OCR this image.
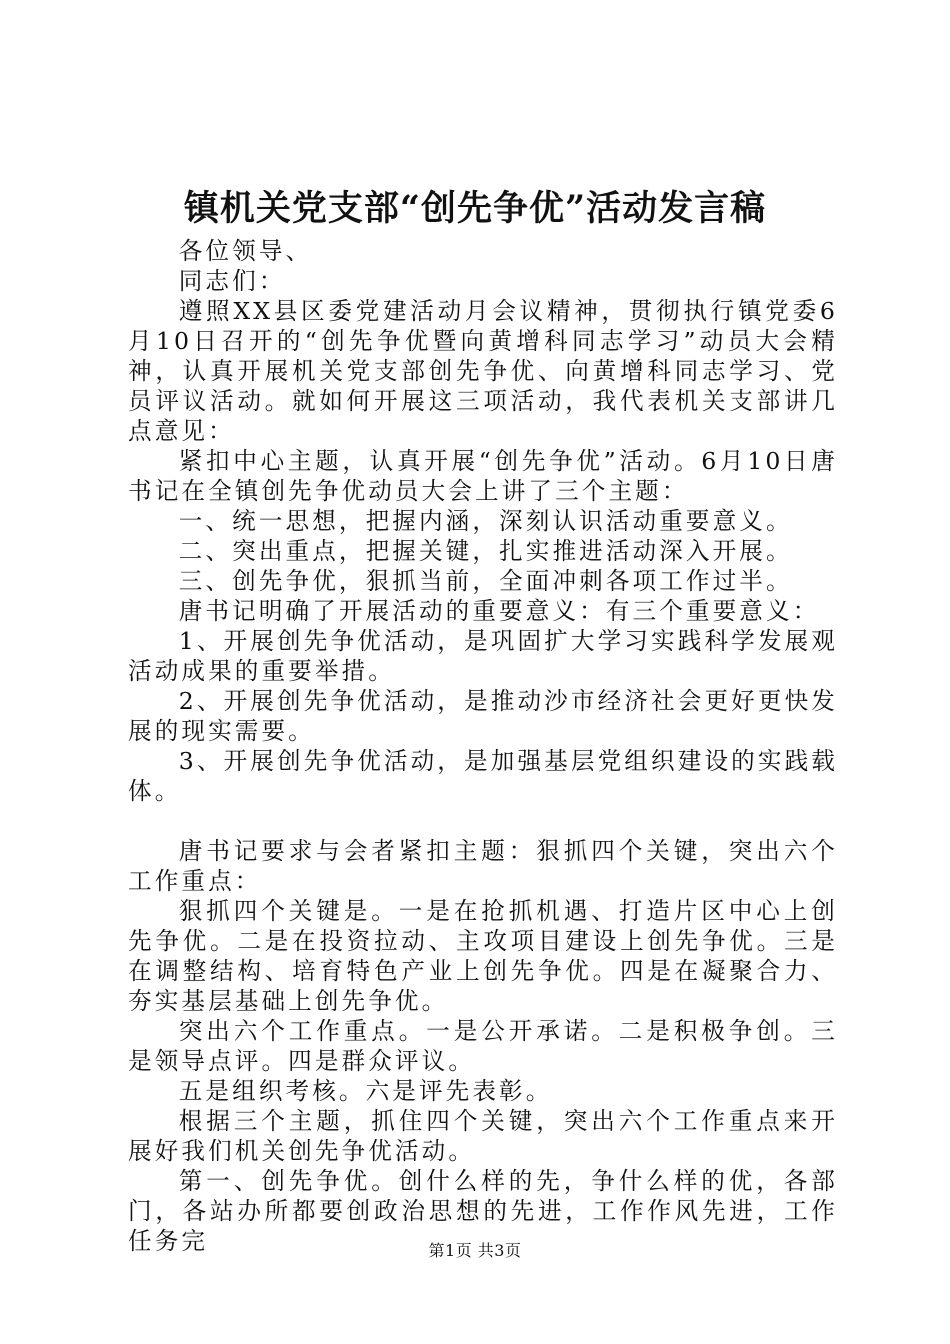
镇机关党支部“创先争优”活动发言稿

各位领导、

同志们：

遵照XX县区委党建活动月会议精神，贯彻执行镇党委6月10日召开的“创先争优暨向黄增科同志学习”动员大会精神，认真开展机关党支部创先争优、向黄增科同志学习、党员评议活动。就如何开展这三项活动，我代表机关支部讲几点意见：

紧扣中心主题，认真开展“创先争优”活动。6月10日唐书记在全镇创先争优动员大会上讲了三个主题：

一、统一思想，把握内涵，深刻认识活动重要意义。

二、突出重点，把握关键，扎实推进活动深入开展。

三、创先争优，狠抓当前，全面冲刺各项工作过半。

唐书记明确了开展活动的重要意义：有三个重要意义：

1、开展创先争优活动，是巩固扩大学习实践科学发展观活动成果的重要举措。

2、开展创先争优活动，是推动沙市经济社会更好更快发展的现实需要。

3、开展创先争优活动，是加强基层党组织建设的实践载体。

唐书记要求与会者紧扣主题：狠抓四个关键，突出六个工作重点：

狠抓四个关键是。一是在抢抓机遇、打造片区中心上创先争优。二是在投资拉动、主攻项目建设上创先争优。三是在调整结构、培育特色产业上创先争优。四是在凝聚合力、夯实基层基础上创先争优。

突出六个工作重点。一是公开承诺。二是积极争创。三是领导点评。四是群众评议。

五是组织考核。六是评先表彰。

根据三个主题，抓住四个关键，突出六个工作重点来开展好我们机关创先争优活动。

第一、创先争优。创什么样的先，争什么样的优，各部门，各站办所都要创政治思想的先进，工作作风先进，工作任务完	第1页 共3页
